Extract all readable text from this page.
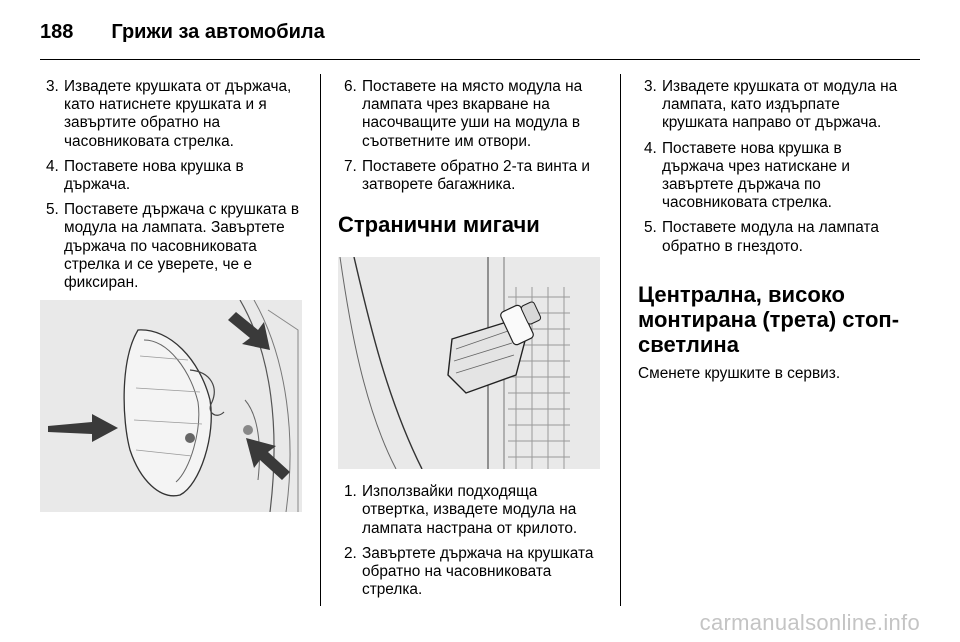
188 Грижи за автомобила
3. Извадете крушката от държача, като натиснете крушката и я завъртите обратно на часовниковата стрелка.
4. Поставете нова крушка в държача.
5. Поставете държача с крушката в модула на лампата. Завъртете държача по часовниковата стрелка и се уверете, че е фиксиран.
6. Поставете на място модула на лампата чрез вкарване на насочващите уши на модула в съответните им отвори.
7. Поставете обратно 2-та винта и затворете багажника.
Странични мигачи
1. Използвайки подходяща отвертка, извадете модула на лампата настрана от крилото.
2. Завъртете държача на крушката обратно на часовниковата стрелка.
3. Извадете крушката от модула на лампата, като издърпате крушката направо от държача.
4. Поставете нова крушка в държача чрез натискане и завъртете държача по часовниковата стрелка.
5. Поставете модула на лампата обратно в гнездото.
Централна, високо монтирана (трета) стоп-светлина

Сменете крушките в сервиз.

carmanualsonline.info
